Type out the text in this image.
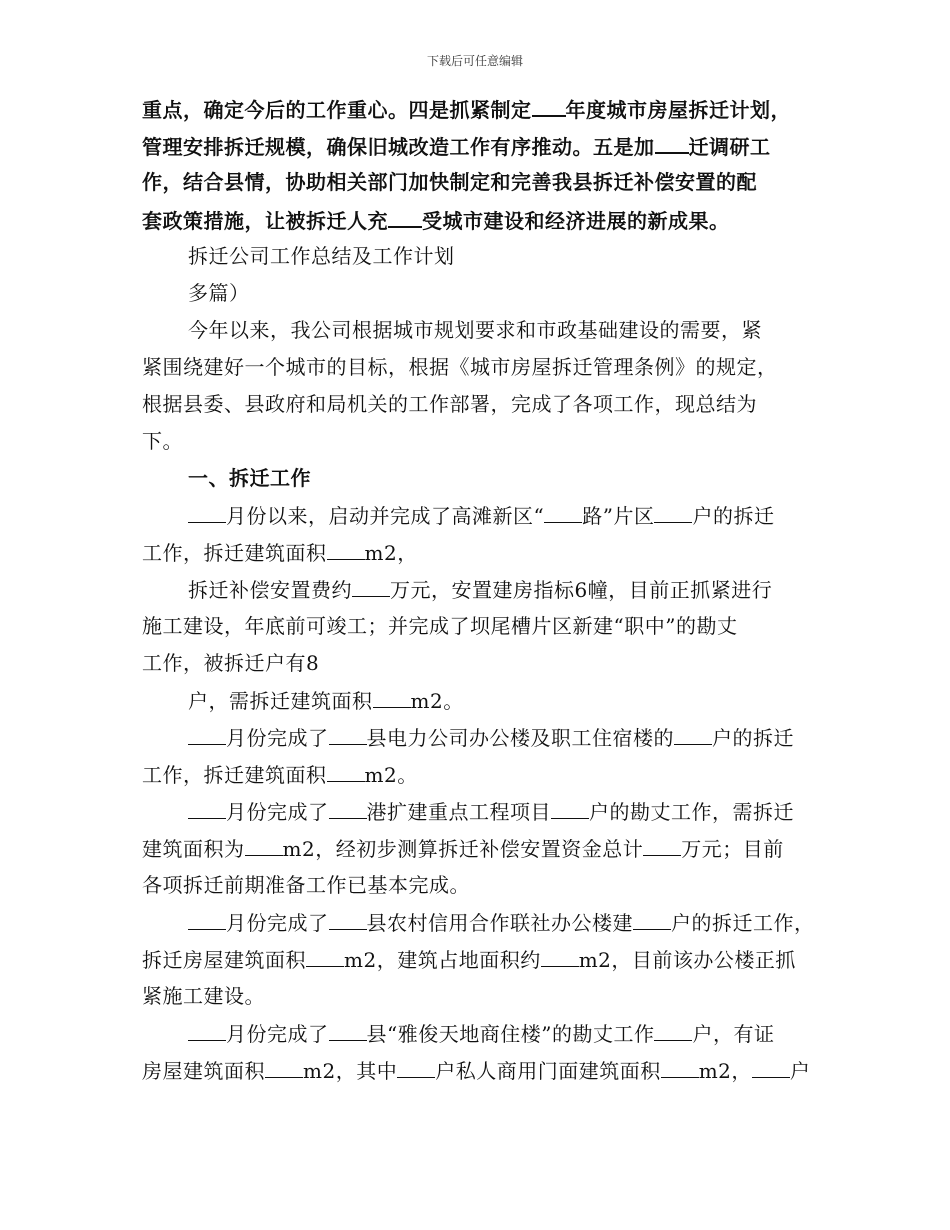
下载后可任意编辑
重点，确定今后的工作重心。四是抓紧制定 年度城市房屋拆迁计划，
管理安排拆迁规模，确保旧城改造工作有序推动。五是加 迁调研工
作，结合县情，协助相关部门加快制定和完善我县拆迁补偿安置的配
套政策措施，让被拆迁人充 受城市建设和经济进展的新成果。
拆迁公司工作总结及工作计划
多篇）
今年以来，我公司根据城市规划要求和市政基础建设的需要，紧
紧围绕建好一个城市的目标，根据《城市房屋拆迁管理条例》的规定，
根据县委、县政府和局机关的工作部署，完成了各项工作，现总结为
下。
一、拆迁工作
月份以来，启动并完成了高滩新区“ 路”片区 户的拆迁
工作，拆迁建筑面积 m2，
拆迁补偿安置费约 万元，安置建房指标6幢，目前正抓紧进行
施工建设，年底前可竣工；并完成了坝尾槽片区新建“职中”的勘丈
工作，被拆迁户有8
户，需拆迁建筑面积 m2。
月份完成了 县电力公司办公楼及职工住宿楼的 户的拆迁
工作，拆迁建筑面积 m2。
月份完成了 港扩建重点工程项目 户的勘丈工作，需拆迁
建筑面积为 m2，经初步测算拆迁补偿安置资金总计 万元；目前
各项拆迁前期准备工作已基本完成。
月份完成了 县农村信用合作联社办公楼建 户的拆迁工作，
拆迁房屋建筑面积 m2，建筑占地面积约 m2，目前该办公楼正抓
紧施工建设。
月份完成了 县“雅俊天地商住楼”的勘丈工作 户，有证
房屋建筑面积 m2，其中 户私人商用门面建筑面积 m2， 户
